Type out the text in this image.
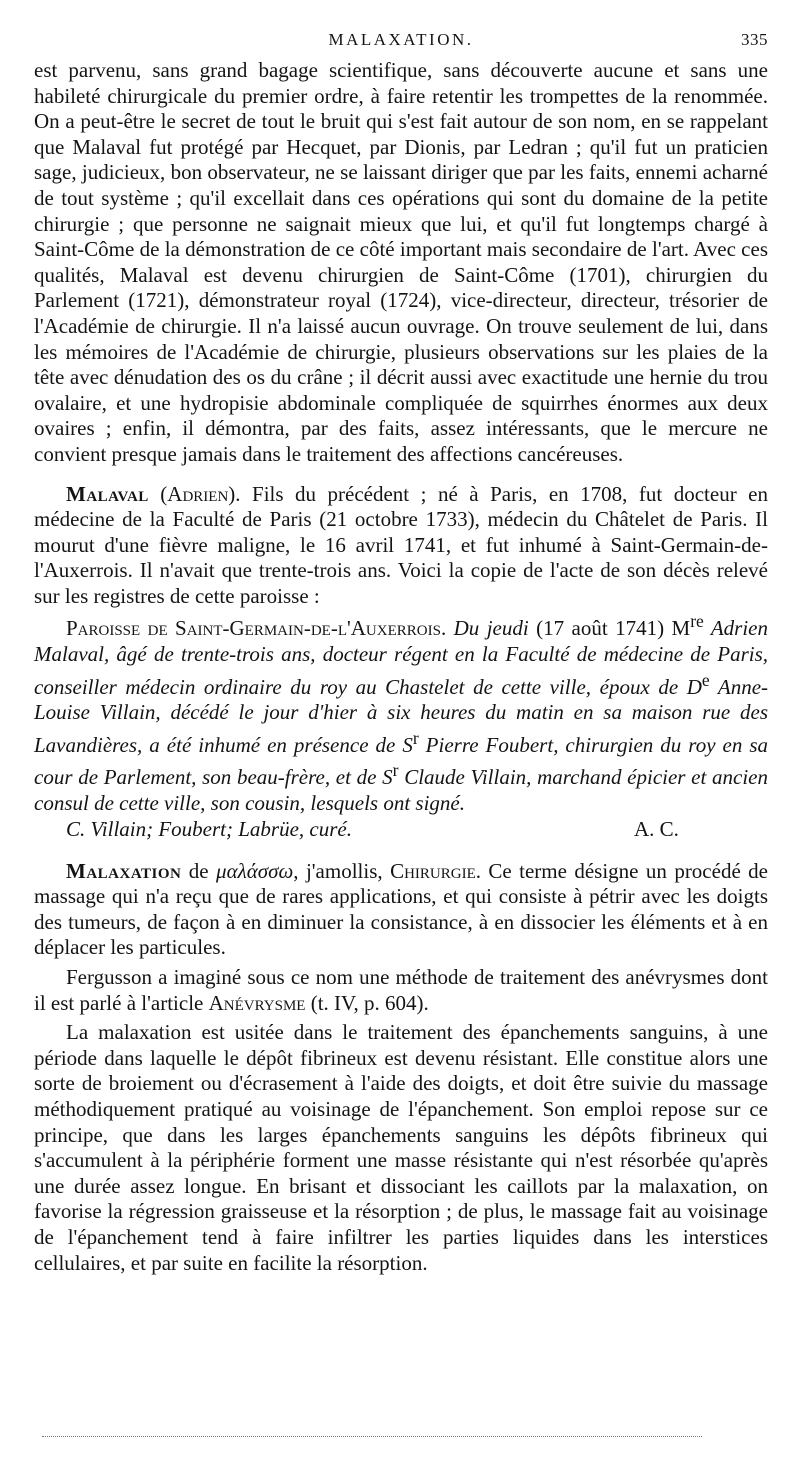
MALAXATION.	335

est parvenu, sans grand bagage scientifique, sans découverte aucune et sans une habileté chirurgicale du premier ordre, à faire retentir les trompettes de la renommée. On a peut-être le secret de tout le bruit qui s'est fait autour de son nom, en se rappelant que Malaval fut protégé par Hecquet, par Dionis, par Ledran ; qu'il fut un praticien sage, judicieux, bon observateur, ne se laissant diriger que par les faits, ennemi acharné de tout système ; qu'il excellait dans ces opérations qui sont du domaine de la petite chirurgie ; que personne ne saignait mieux que lui, et qu'il fut longtemps chargé à Saint-Côme de la démonstration de ce côté important mais secondaire de l'art. Avec ces qualités, Malaval est devenu chirurgien de Saint-Côme (1701), chirurgien du Parlement (1721), démonstrateur royal (1724), vice-directeur, directeur, trésorier de l'Académie de chirurgie. Il n'a laissé aucun ouvrage. On trouve seulement de lui, dans les mémoires de l'Académie de chirurgie, plusieurs observations sur les plaies de la tête avec dénudation des os du crâne ; il décrit aussi avec exactitude une hernie du trou ovalaire, et une hydropisie abdominale compliquée de squirrhes énormes aux deux ovaires ; enfin, il démontra, par des faits, assez intéressants, que le mercure ne convient presque jamais dans le traitement des affections cancéreuses.

Malaval (Adrien). Fils du précédent ; né à Paris, en 1708, fut docteur en médecine de la Faculté de Paris (21 octobre 1733), médecin du Châtelet de Paris. Il mourut d'une fièvre maligne, le 16 avril 1741, et fut inhumé à Saint-Germain-de-l'Auxerrois. Il n'avait que trente-trois ans. Voici la copie de l'acte de son décès relevé sur les registres de cette paroisse :

Paroisse de Saint-Germain-de-l'Auxerrois. Du jeudi (17 août 1741) Mre Adrien Malaval, âgé de trente-trois ans, docteur régent en la Faculté de médecine de Paris, conseiller médecin ordinaire du roy au Chastelet de cette ville, époux de De Anne-Louise Villain, décédé le jour d'hier à six heures du matin en sa maison rue des Lavandières, a été inhumé en présence de $S^r$ Pierre Foubert, chirurgien du roy en sa cour de Parlement, son beau-frère, et de $S^r$ Claude Villain, marchand épicier et ancien consul de cette ville, son cousin, lesquels ont signé.

C. Villain; Foubert; Labrüe, curé.	A. C.

Malaxation de μαλάσσω, j'amollis, Chirurgie. Ce terme désigne un procédé de massage qui n'a reçu que de rares applications, et qui consiste à pétrir avec les doigts des tumeurs, de façon à en diminuer la consistance, à en dissocier les éléments et à en déplacer les particules.

Fergusson a imaginé sous ce nom une méthode de traitement des anévrysmes dont il est parlé à l'article Anévrysme (t. IV, p. 604).

La malaxation est usitée dans le traitement des épanchements sanguins, à une période dans laquelle le dépôt fibrineux est devenu résistant. Elle constitue alors une sorte de broiement ou d'écrasement à l'aide des doigts, et doit être suivie du massage méthodiquement pratiqué au voisinage de l'épanchement. Son emploi repose sur ce principe, que dans les larges épanchements sanguins les dépôts fibrineux qui s'accumulent à la périphérie forment une masse résistante qui n'est résorbée qu'après une durée assez longue. En brisant et dissociant les caillots par la malaxation, on favorise la régression graisseuse et la résorption ; de plus, le massage fait au voisinage de l'épanchement tend à faire infiltrer les parties liquides dans les interstices cellulaires, et par suite en facilite la résorption.
